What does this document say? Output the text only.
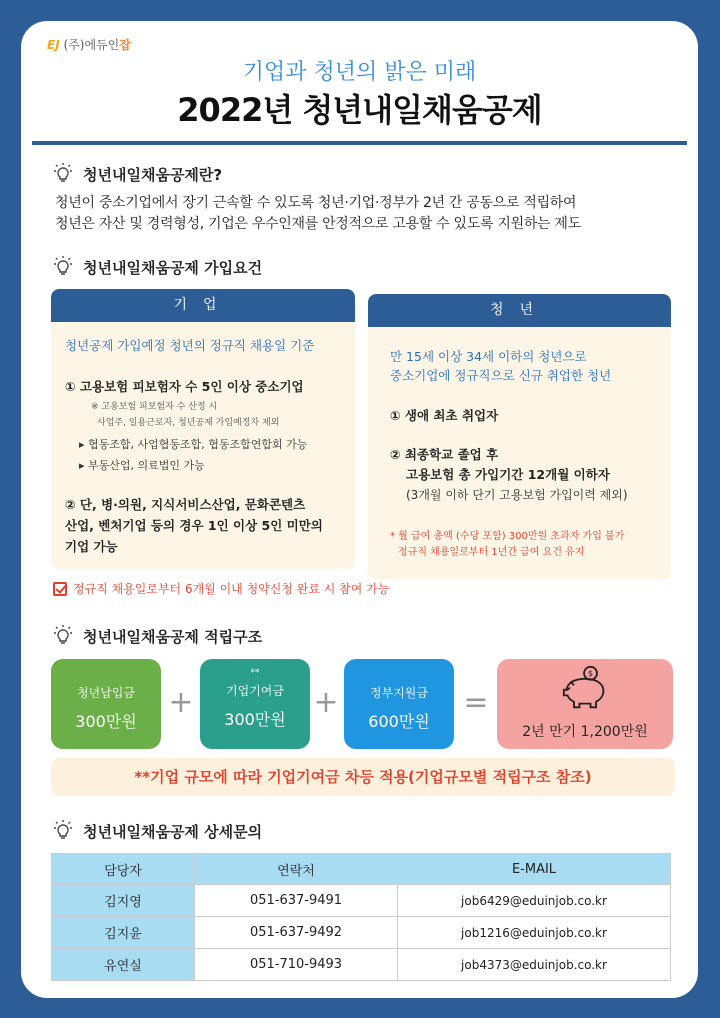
EJ (주)에듀인잡
기업과 청년의 밝은 미래
2022년 청년내일채움공제
청년내일채움공제란?
청년이 중소기업에서 장기 근속할 수 있도록 청년·기업·정부가 2년 간 공동으로 적립하여
청년은 자산 및 경력형성, 기업은 우수인재를 안정적으로 고용할 수 있도록 지원하는 제도
청년내일채움공제 가입요건
기업
청년공제 가입예정 청년의 정규직 채용일 기준
① 고용보험 피보험자 수 5인 이상 중소기업
※ 고용보험 피보험자 수 산정 시
사업주, 일용근로자, 청년공제 가입예정자 제외
▸ 협동조합, 사업협동조합, 협동조합연합회 가능
▸ 부동산업, 의료법인 가능
② 단, 병·의원, 지식서비스산업, 문화콘텐츠
산업, 벤처기업 등의 경우 1인 이상 5인 미만의
기업 가능
청년
만 15세 이상 34세 이하의 청년으로
중소기업에 정규직으로 신규 취업한 청년
① 생애 최초 취업자
② 최종학교 졸업 후
고용보험 총 가입기간 12개월 이하자
(3개월 이하 단기 고용보험 가입이력 제외)
* 월 급여 총액 (수당 포함) 300만원 초과자 가입 불가
정규직 채용일로부터 1년간 급여 요건 유지
정규직 채용일로부터 6개월 이내 청약신청 완료 시 참여 가능
청년내일채움공제 적립구조
청년납입금
300만원
+
**
기업기여금
300만원 +	정부지원금
600만원
=
$
2년 만기 1,200만원
**기업 규모에 따라 기업기여금 차등 적용(기업규모별 적립구조 참조)
청년내일채움공제 상세문의
담당자	연락처	E-MAIL
김지영	051-637-9491	job6429@eduinjob.co.kr
김지윤	051-637-9492	job1216@eduinjob.co.kr
유연실	051-710-9493	job4373@eduinjob.co.kr
